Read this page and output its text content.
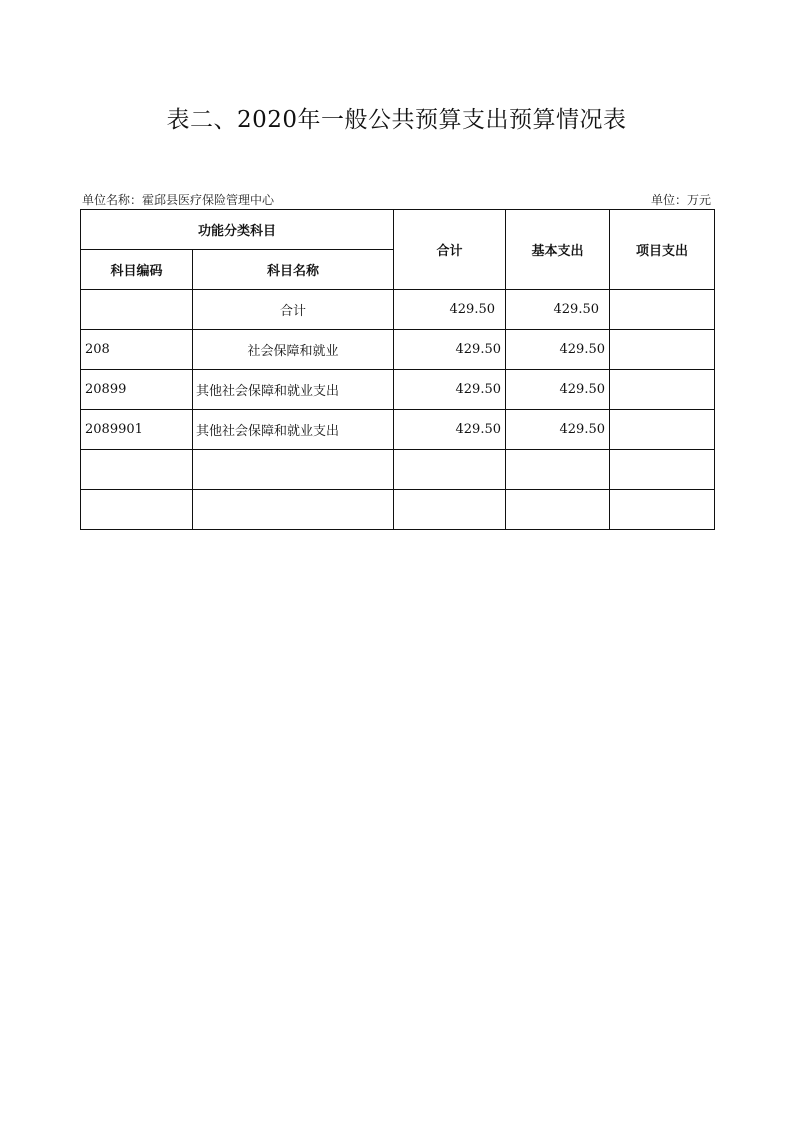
表二、2020年一般公共预算支出预算情况表
单位名称：霍邱县医疗保险管理中心	单位：万元
功能分类科目		合计	基本支出	项目支出
科目编码	科目名称			
	合计	429.50	429.50	
208	社会保障和就业	429.50	429.50	
20899	其他社会保障和就业支出	429.50	429.50	
2089901	其他社会保障和就业支出	429.50	429.50	
